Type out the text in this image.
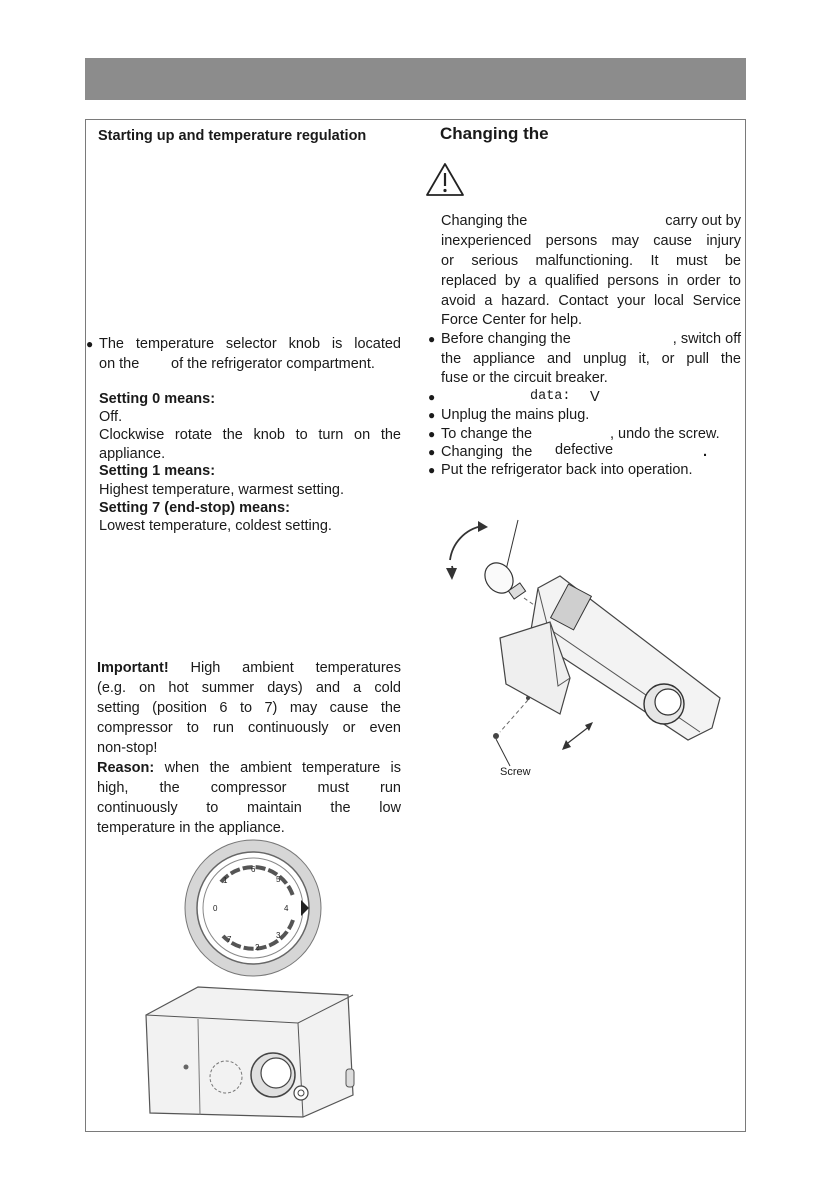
Starting up and temperature regulation
● The temperature selector knob is located
on the of the refrigerator compartment.
Setting 0 means:
Off.
Clockwise rotate the knob to turn on the
appliance.
Setting 1 means:
Highest temperature, warmest setting.
Setting 7 (end-stop) means:
Lowest temperature, coldest setting.
Important! High ambient temperatures
(e.g. on hot summer days) and a cold
setting (position 6 to 7) may cause the
compressor to run continuously or even
non-stop!
Reason: when the ambient temperature is
high, the compressor must run
continuously to maintain the low
temperature in the appliance.
1
6
5
4
3
2
7
0
Changing the
Changing the	carry out by
inexperienced persons may cause injury
or serious malfunctioning. It must be
replaced by a qualified persons in order to
avoid a hazard. Contact your local Service
Force Center for help.
● Before changing the	, switch off
the appliance and unplug it, or pull the
fuse or the circuit breaker.
●	data: V
● Unplug the mains plug.
● To change the	, undo the screw.
● Changing the defective	.
● Put the refrigerator back into operation.
Screw
